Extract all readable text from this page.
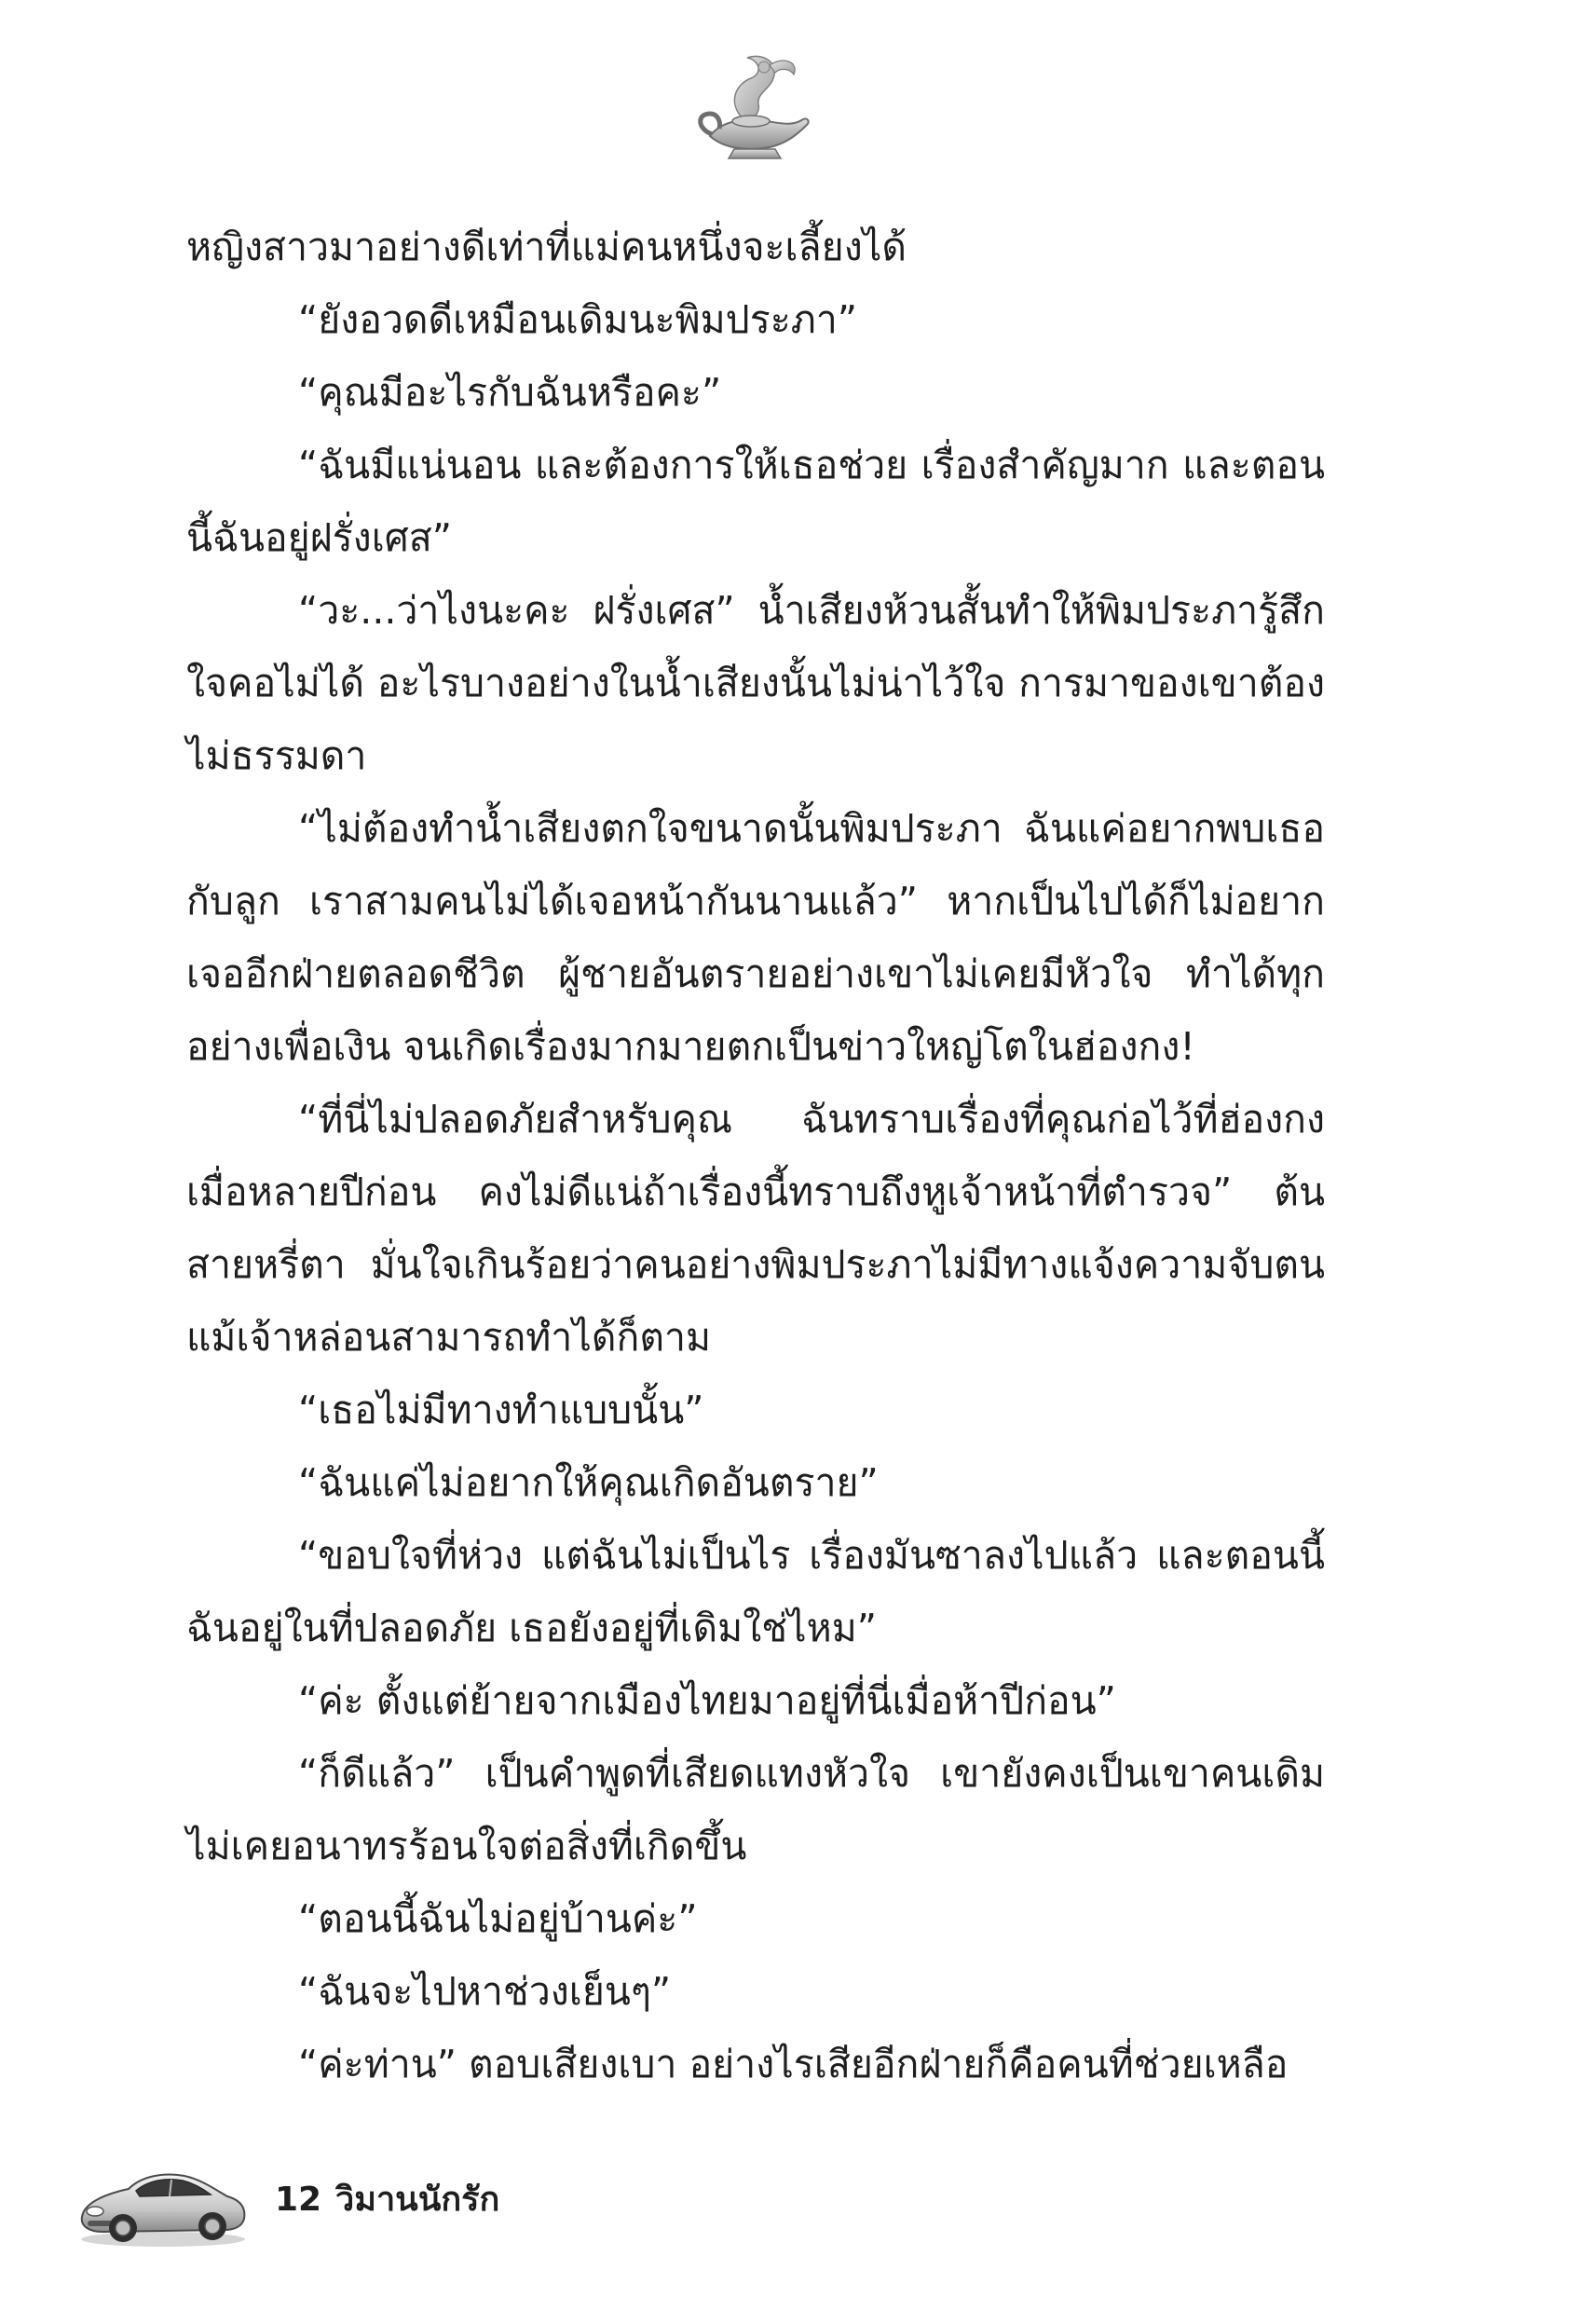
หญิงสาวมาอย่างดีเท่าที่แม่คนหนึ่งจะเลี้ยงได้

“ยังอวดดีเหมือนเดิมนะพิมประภา”

“คุณมีอะไรกับฉันหรือคะ”

“ฉันมีแน่นอน และต้องการให้เธอช่วย เรื่องสำคัญมาก และตอนนี้ฉันอยู่ฝรั่งเศส”

“วะ...ว่าไงนะคะ ฝรั่งเศส” น้ำเสียงห้วนสั้นทำให้พิมประภารู้สึกใจคอไม่ได้ อะไรบางอย่างในน้ำเสียงนั้นไม่น่าไว้ใจ การมาของเขาต้องไม่ธรรมดา

“ไม่ต้องทำน้ำเสียงตกใจขนาดนั้นพิมประภา ฉันแค่อยากพบเธอกับลูก เราสามคนไม่ได้เจอหน้ากันนานแล้ว” หากเป็นไปได้ก็ไม่อยากเจออีกฝ่ายตลอดชีวิต ผู้ชายอันตรายอย่างเขาไม่เคยมีหัวใจ ทำได้ทุกอย่างเพื่อเงิน จนเกิดเรื่องมากมายตกเป็นข่าวใหญ่โตในฮ่องกง!

“ที่นี่ไม่ปลอดภัยสำหรับคุณ ฉันทราบเรื่องที่คุณก่อไว้ที่ฮ่องกงเมื่อหลายปีก่อน คงไม่ดีแน่ถ้าเรื่องนี้ทราบถึงหูเจ้าหน้าที่ตำรวจ” ต้นสายหรี่ตา มั่นใจเกินร้อยว่าคนอย่างพิมประภาไม่มีทางแจ้งความจับตน แม้เจ้าหล่อนสามารถทำได้ก็ตาม

“เธอไม่มีทางทำแบบนั้น”

“ฉันแค่ไม่อยากให้คุณเกิดอันตราย”

“ขอบใจที่ห่วง แต่ฉันไม่เป็นไร เรื่องมันซาลงไปแล้ว และตอนนี้ฉันอยู่ในที่ปลอดภัย เธอยังอยู่ที่เดิมใช่ไหม”

“ค่ะ ตั้งแต่ย้ายจากเมืองไทยมาอยู่ที่นี่เมื่อห้าปีก่อน”

“ก็ดีแล้ว” เป็นคำพูดที่เสียดแทงหัวใจ เขายังคงเป็นเขาคนเดิมไม่เคยอนาทรร้อนใจต่อสิ่งที่เกิดขึ้น

“ตอนนี้ฉันไม่อยู่บ้านค่ะ”

“ฉันจะไปหาช่วงเย็นๆ”

“ค่ะท่าน” ตอบเสียงเบา อย่างไรเสียอีกฝ่ายก็คือคนที่ช่วยเหลือ

12 วิมานนักรัก
